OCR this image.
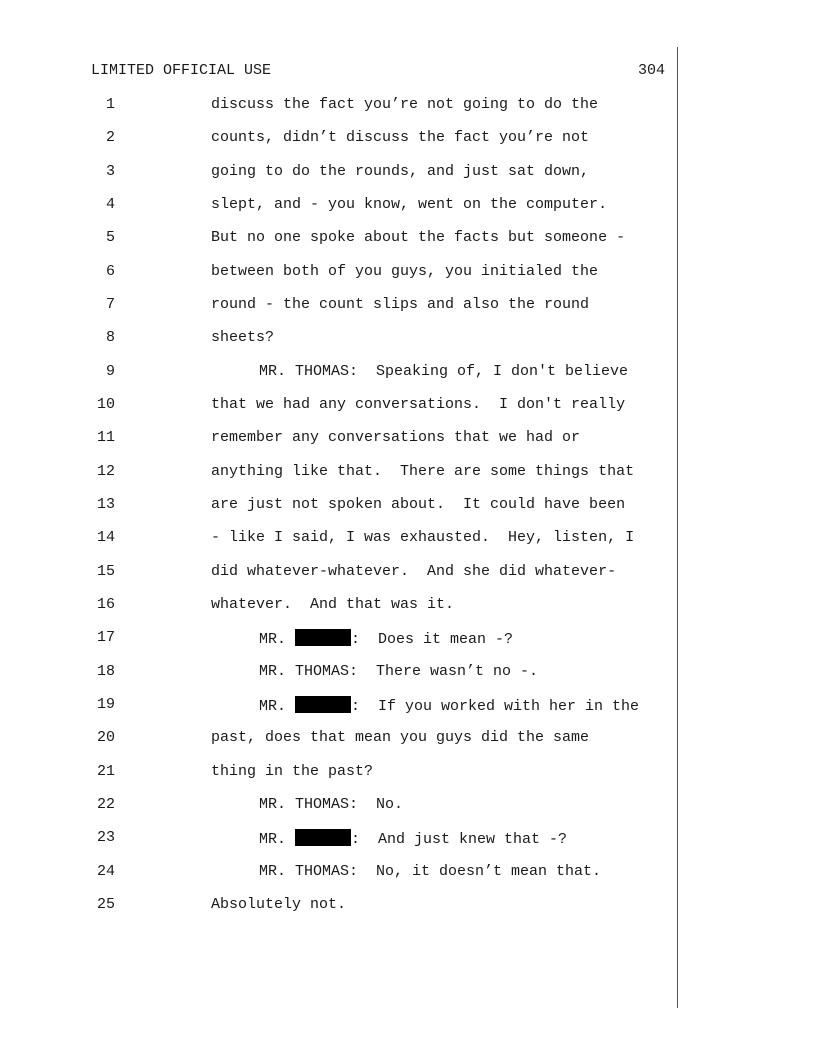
LIMITED OFFICIAL USE	304
1	discuss the fact you’re not going to do the
2	counts, didn’t discuss the fact you’re not
3	going to do the rounds, and just sat down,
4	slept, and - you know, went on the computer.
5	But no one spoke about the facts but someone -
6	between both of you guys, you initialed the
7	round - the count slips and also the round
8	sheets?
9	MR. THOMAS:  Speaking of, I don't believe
10	that we had any conversations.  I don't really
11	remember any conversations that we had or
12	anything like that.  There are some things that
13	are just not spoken about.  It could have been
14	- like I said, I was exhausted.  Hey, listen, I
15	did whatever-whatever.  And she did whatever-
16	whatever.  And that was it.
17	MR.	:  Does it mean -?
18	MR. THOMAS:  There wasn’t no -.
19	MR.	:  If you worked with her in the
20	past, does that mean you guys did the same
21	thing in the past?
22	MR. THOMAS:  No.
23	MR.	:  And just knew that -?
24	MR. THOMAS:  No, it doesn’t mean that.
25	Absolutely not.
